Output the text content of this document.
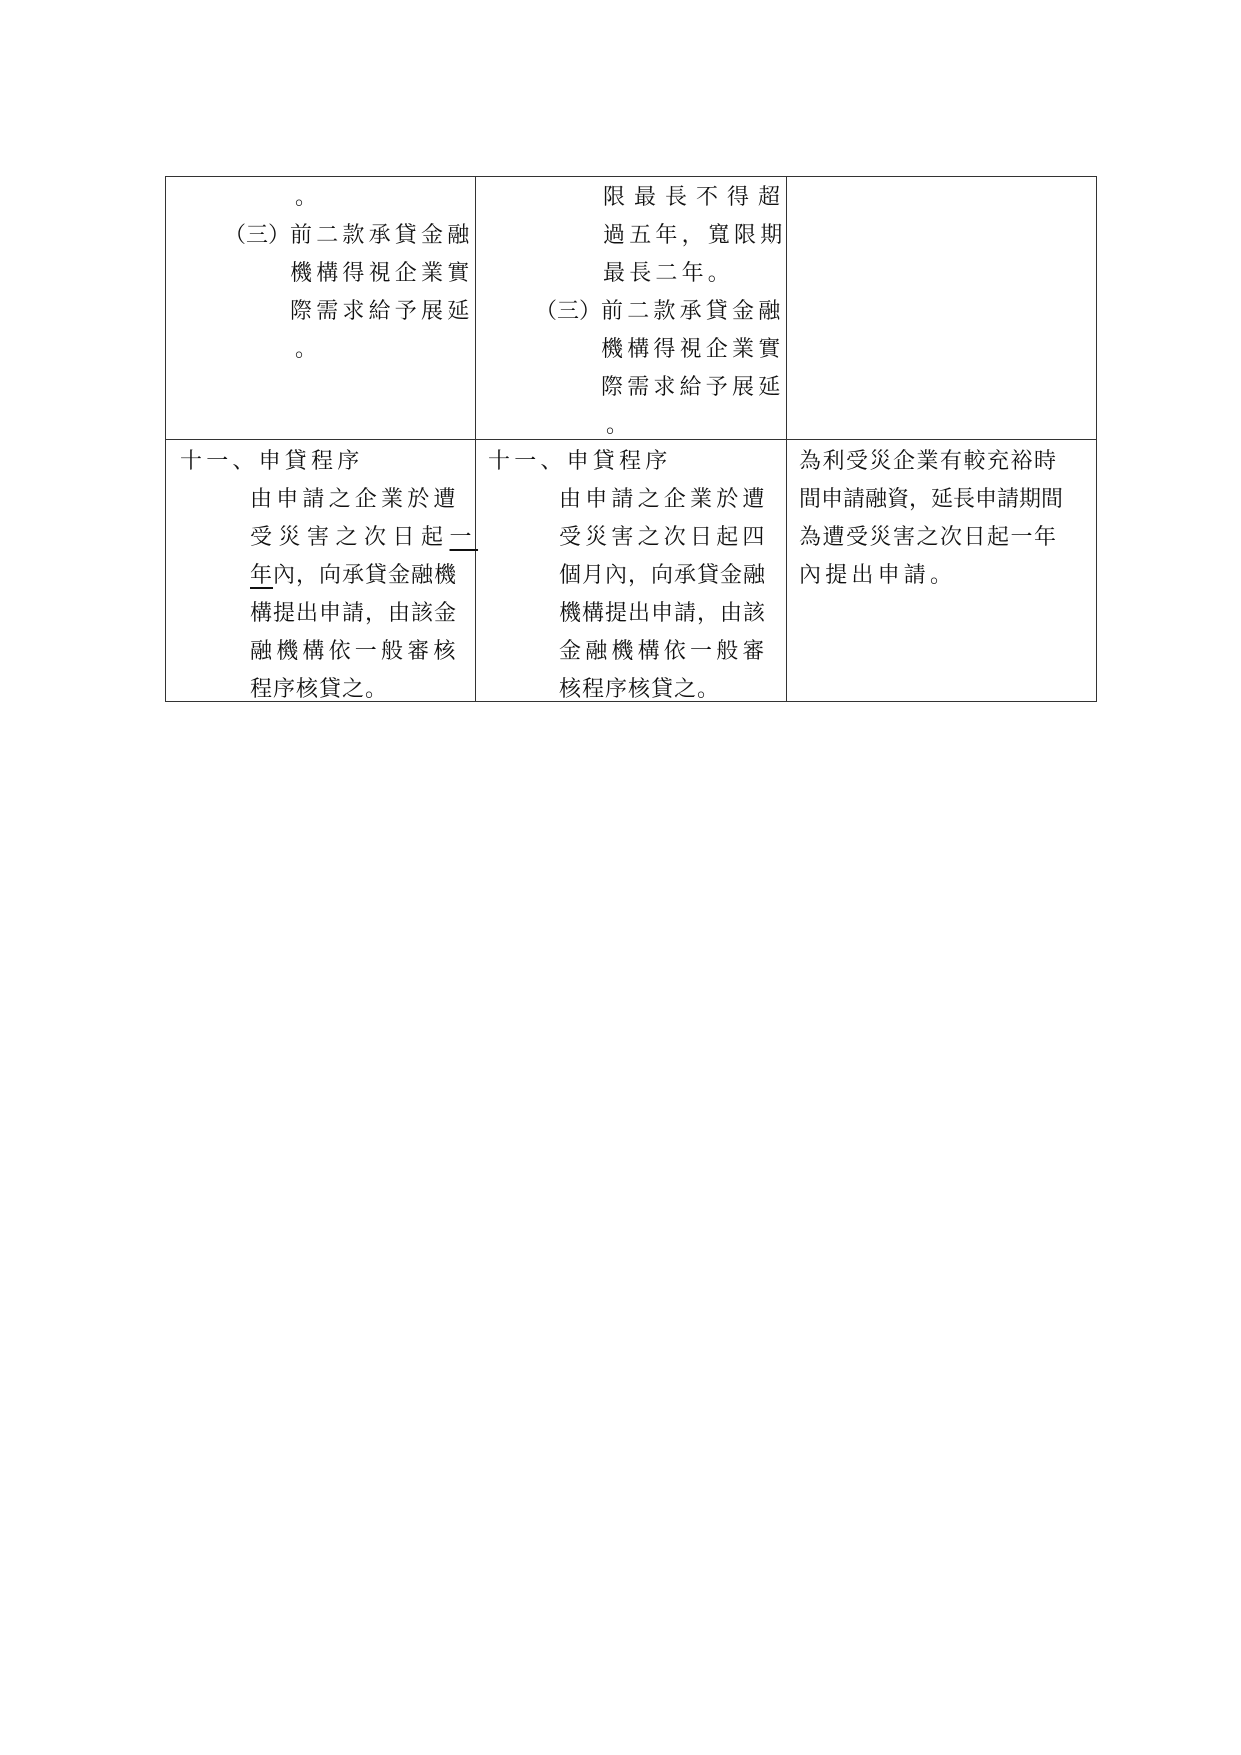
。
（三） 前二款承貸金融
機構得視企業實
際需求給予展延
。
限最長不得超
過五年，寬限期
最長二年。
（三） 前二款承貸金融
機構得視企業實
際需求給予展延
。
十一、申貸程序
由申請之企業於遭
受災害之次日起一
年內，向承貸金融機
構提出申請，由該金
融機構依一般審核
程序核貸之。
十一、申貸程序
由申請之企業於遭
受災害之次日起四
個月內，向承貸金融
機構提出申請，由該
金融機構依一般審
核程序核貸之。
為利受災企業有較充裕時
間申請融資，延長申請期間
為遭受災害之次日起一年
內提出申請。
